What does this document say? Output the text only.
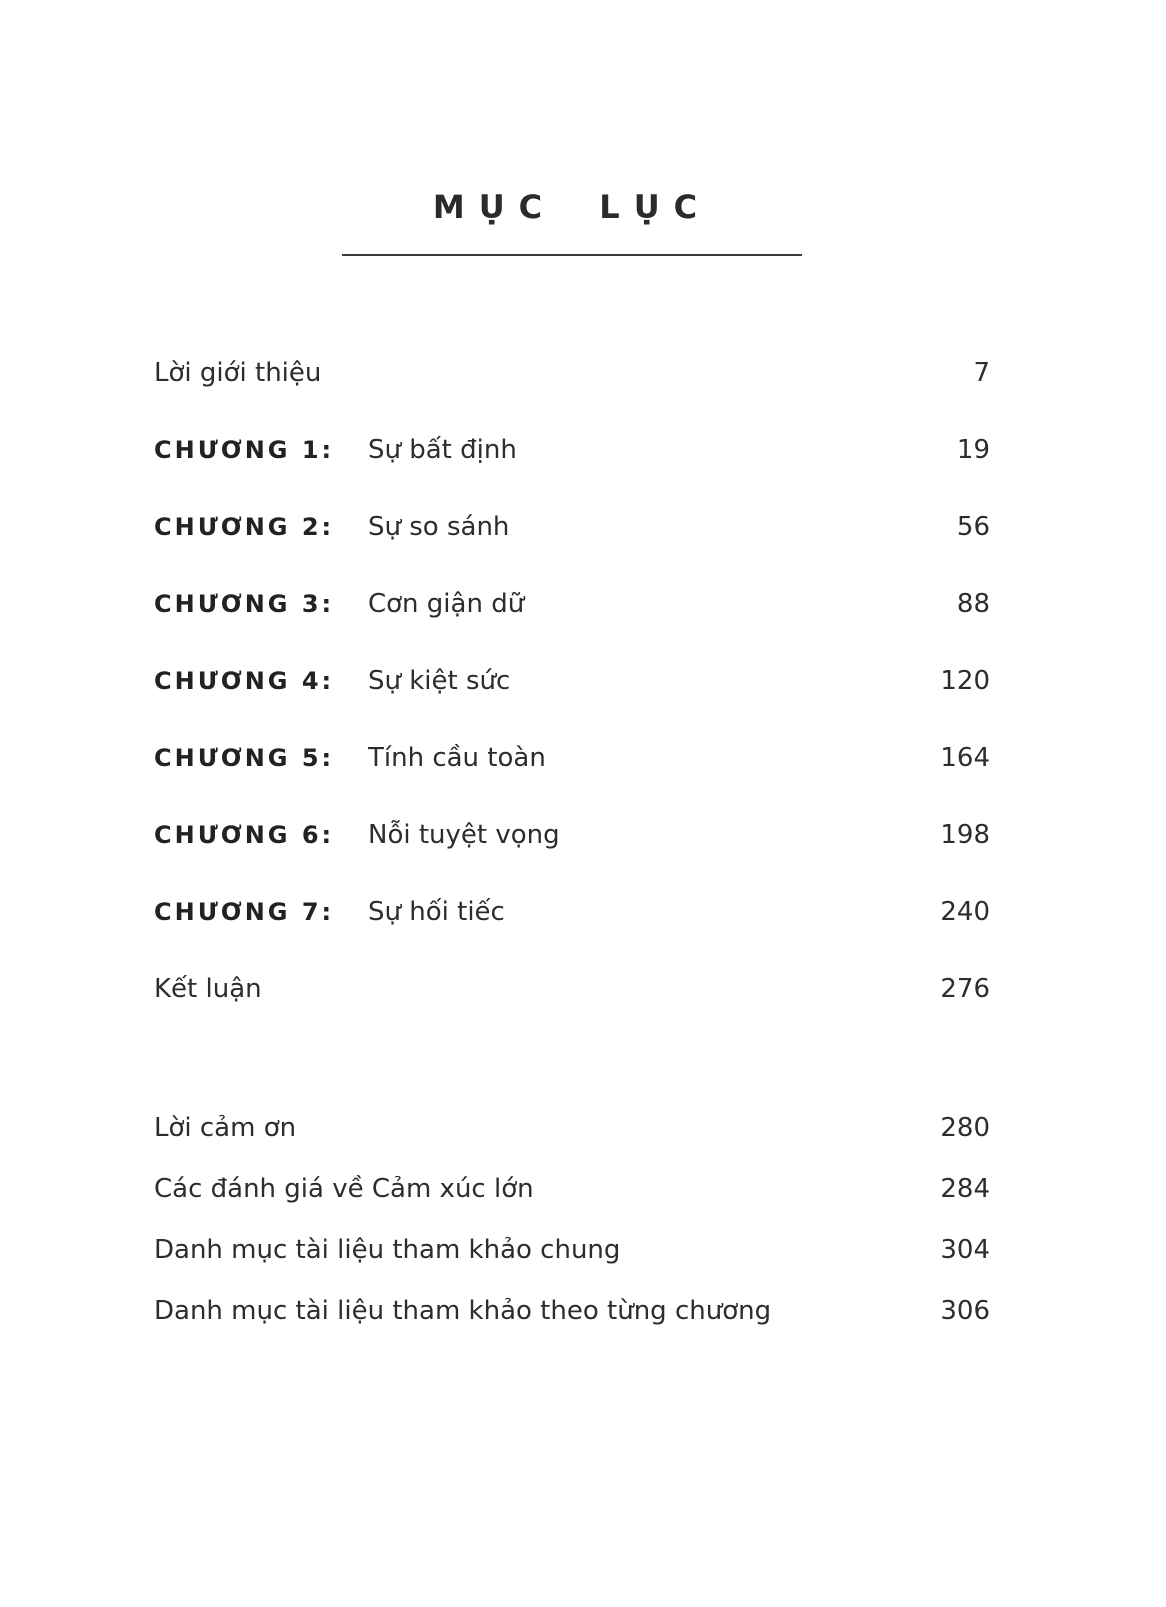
MỤC LỤC
Lời giới thiệu	7
CHƯƠNG 1:	Sự bất định	19
CHƯƠNG 2:	Sự so sánh	56
CHƯƠNG 3:	Cơn giận dữ	88
CHƯƠNG 4:	Sự kiệt sức	120
CHƯƠNG 5:	Tính cầu toàn	164
CHƯƠNG 6:	Nỗi tuyệt vọng	198
CHƯƠNG 7:	Sự hối tiếc	240
Kết luận	276
Lời cảm ơn	280
Các đánh giá về Cảm xúc lớn	284
Danh mục tài liệu tham khảo chung	304
Danh mục tài liệu tham khảo theo từng chương	306
